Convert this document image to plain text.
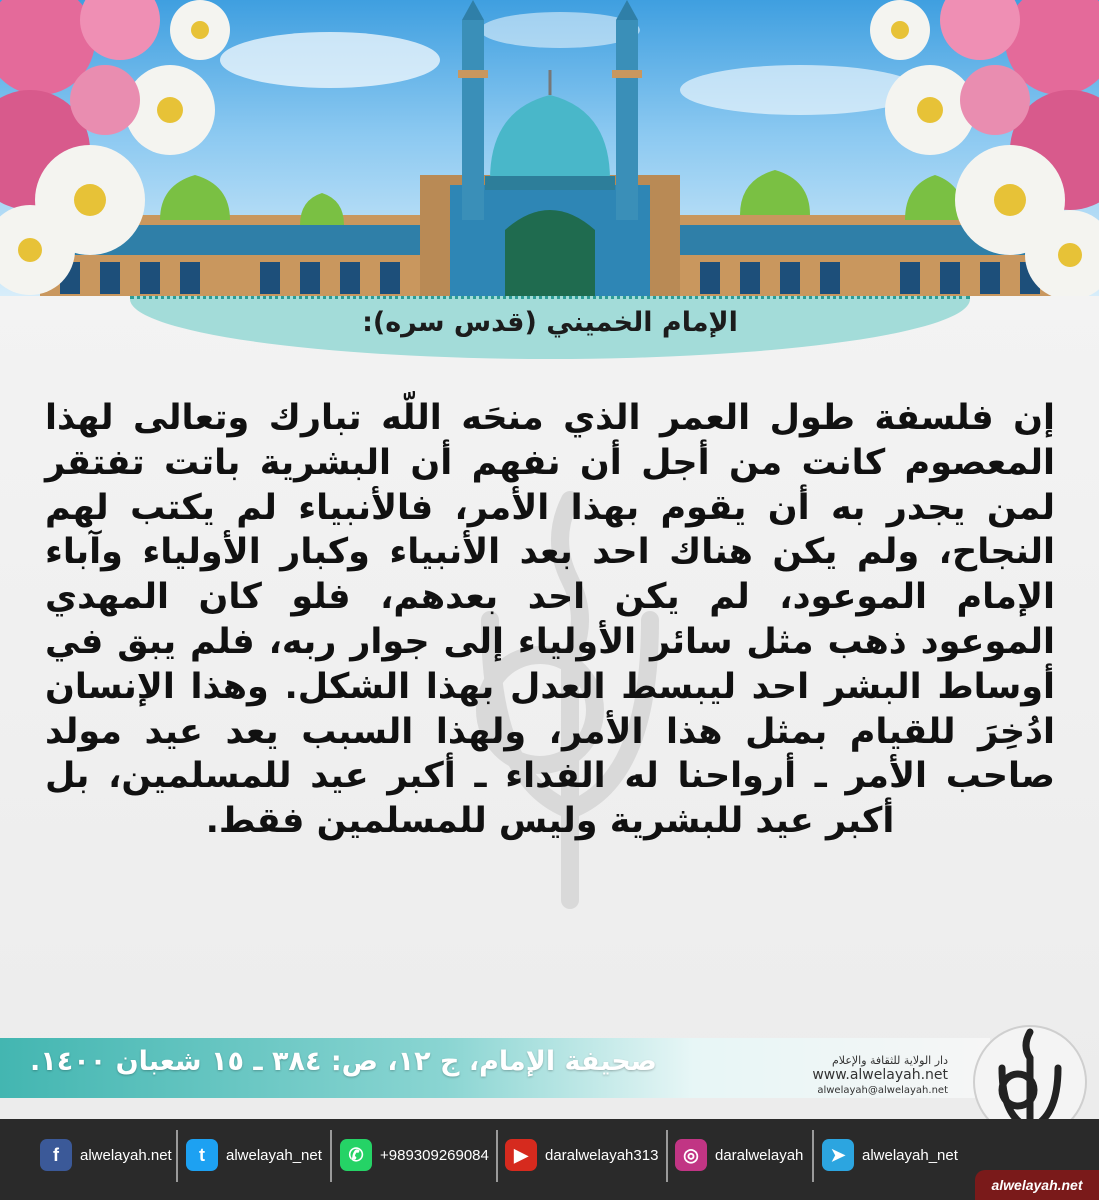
الإمام الخميني (قدس سره):
إن فلسفة طول العمر الذي منحَه اللّه تبارك وتعالى لهذا المعصوم كانت من أجل أن نفهم أن البشرية باتت تفتقر لمن يجدر به أن يقوم بهذا الأمر، فالأنبياء لم يكتب لهم النجاح، ولم يكن هناك احد بعد الأنبياء وكبار الأولياء وآباء الإمام الموعود، لم يكن احد بعدهم، فلو كان المهدي الموعود ذهب مثل سائر الأولياء إلى جوار ربه، فلم يبق في أوساط البشر احد ليبسط العدل بهذا الشكل. وهذا الإنسان ادُخِرَ للقيام بمثل هذا الأمر، ولهذا السبب يعد عيد مولد صاحب الأمر ـ أرواحنا له الفداء ـ أكبر عيد للمسلمين، بل أكبر عيد للبشرية وليس للمسلمين فقط.
صحيفة الإمام، ج ١٢، ص: ٣٨٤ ـ ١٥ شعبان ١٤٠٠.	دار الولاية للثقافة والإعلام
www.alwelayah.net
alwelayah@alwelayah.net
f	alwelayah.net	t	alwelayah_net	✆	+989309269084	▶	daralwelayah313	◎	daralwelayah	➤	alwelayah_net
alwelayah.net
